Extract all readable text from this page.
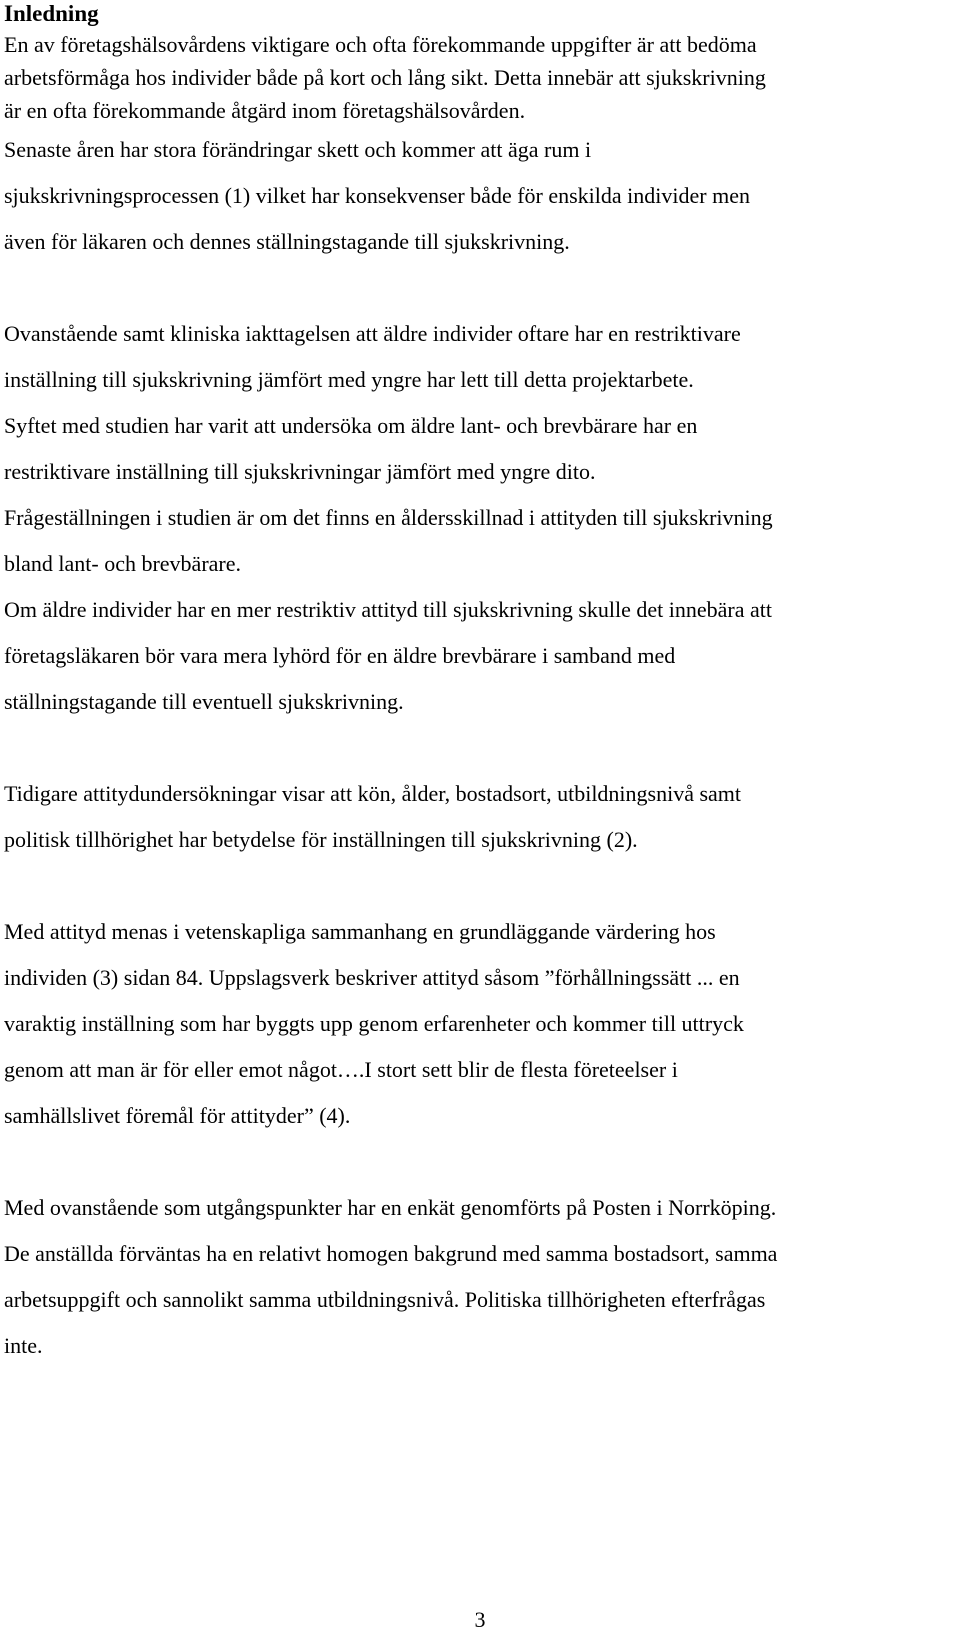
Inledning
En av företagshälsovårdens viktigare och ofta förekommande uppgifter är att bedöma
arbetsförmåga hos individer både på kort och lång sikt. Detta innebär att sjukskrivning
är en ofta förekommande åtgärd inom företagshälsovården.
Senaste åren har stora förändringar skett och kommer att äga rum i
sjukskrivningsprocessen (1) vilket har konsekvenser både för enskilda individer men
även för läkaren och dennes ställningstagande till sjukskrivning.
Ovanstående samt kliniska iakttagelsen att äldre individer oftare har en restriktivare
inställning till sjukskrivning jämfört med yngre har lett till detta projektarbete.
Syftet med studien har varit att undersöka om äldre lant- och brevbärare har en
restriktivare inställning till sjukskrivningar jämfört med yngre dito.
Frågeställningen i studien är om det finns en åldersskillnad i attityden till sjukskrivning
bland lant- och brevbärare.
Om äldre individer har en mer restriktiv attityd till sjukskrivning skulle det innebära att
företagsläkaren bör vara mera lyhörd för en äldre brevbärare i samband med
ställningstagande till eventuell sjukskrivning.
Tidigare attitydundersökningar visar att kön, ålder, bostadsort, utbildningsnivå samt
politisk tillhörighet har betydelse för inställningen till sjukskrivning (2).
Med attityd menas i vetenskapliga sammanhang en grundläggande värdering hos
individen (3) sidan 84. Uppslagsverk beskriver attityd såsom ”förhållningssätt ... en
varaktig inställning som har byggts upp genom erfarenheter och kommer till uttryck
genom att man är för eller emot något….I stort sett blir de flesta företeelser i
samhällslivet föremål för attityder” (4).
Med ovanstående som utgångspunkter har en enkät genomförts på Posten i Norrköping.
De anställda förväntas ha en relativt homogen bakgrund med samma bostadsort, samma
arbetsuppgift och sannolikt samma utbildningsnivå. Politiska tillhörigheten efterfrågas
inte.
3
